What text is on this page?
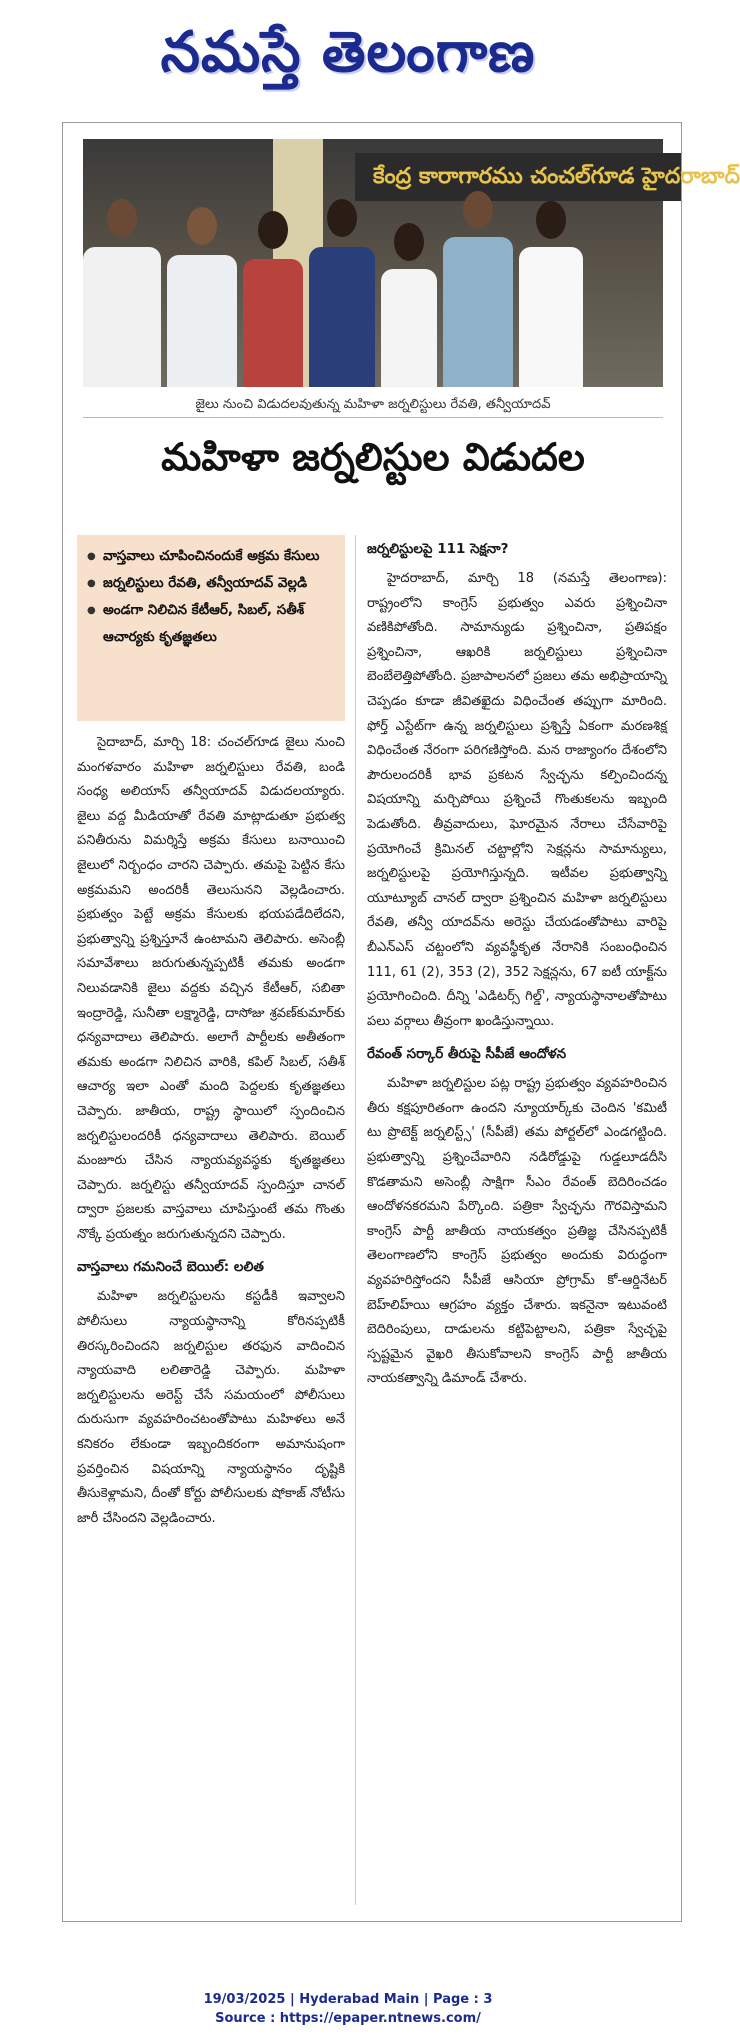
నమస్తే తెలంగాణ
కేంద్ర కారాగారము చంచల్‌గూడ హైదరాబాద్
జైలు నుంచి విడుదలవుతున్న మహిళా జర్నలిస్టులు రేవతి, తన్వీయాదవ్
మహిళా జర్నలిస్టుల విడుదల
● వాస్తవాలు చూపించినందుకే అక్రమ కేసులు
● జర్నలిస్టులు రేవతి, తన్వీయాదవ్ వెల్లడి
● అండగా నిలిచిన కేటీఆర్, సిబల్, సతీశ్ ఆచార్యకు కృతజ్ఞతలు

సైదాబాద్, మార్చి 18: చంచల్‌గూడ జైలు నుంచి మంగళవారం మహిళా జర్నలిస్టులు రేవతి, బండి సంధ్య అలియాస్ తన్వీయాదవ్ విడుదలయ్యారు. జైలు వద్ద మీడియాతో రేవతి మాట్లాడుతూ ప్రభుత్వ పనితీరును విమర్శిస్తే అక్రమ కేసులు బనాయించి జైలులో నిర్బంధం చారని చెప్పారు. తమపై పెట్టిన కేసు అక్రమమని అందరికీ తెలుసునని వెల్లడించారు. ప్రభుత్వం పెట్టే అక్రమ కేసులకు భయపడేదిలేదని, ప్రభుత్వాన్ని ప్రశ్నిస్తూనే ఉంటామని తెలిపారు. అసెంబ్లీ సమావేశాలు జరుగుతున్నప్పటికీ తమకు అండగా నిలువడానికి జైలు వద్దకు వచ్చిన కేటీఆర్, సబితా ఇంద్రారెడ్డి, సునీతా లక్ష్మారెడ్డి, దాసోజు శ్రవణ్‌కుమార్‌కు ధన్యవాదాలు తెలిపారు. అలాగే పార్టీలకు అతీతంగా తమకు అండగా నిలిచిన వారికి, కపిల్ సిబల్, సతీశ్ ఆచార్య ఇలా ఎంతో మంది పెద్దలకు కృతజ్ఞతలు చెప్పారు. జాతీయ, రాష్ట్ర స్థాయిలో స్పందించిన జర్నలిస్టులందరికీ ధన్యవాదాలు తెలిపారు. బెయిల్ మంజూరు చేసిన న్యాయవ్యవస్థకు కృతజ్ఞతలు చెప్పారు. జర్నలిస్టు తన్వీయాదవ్ స్పందిస్తూ చానల్ ద్వారా ప్రజలకు వాస్తవాలు చూపిస్తుంటే తమ గొంతు నొక్కే ప్రయత్నం జరుగుతున్నదని చెప్పారు.

వాస్తవాలు గమనించే బెయిల్: లలిత

మహిళా జర్నలిస్టులను కస్టడీకి ఇవ్వాలని పోలీసులు న్యాయస్థానాన్ని కోరినప్పటికీ తిరస్కరించిందని జర్నలిస్టుల తరఫున వాదించిన న్యాయవాది లలితారెడ్డి చెప్పారు. మహిళా జర్నలిస్టులను అరెస్ట్ చేసే సమయంలో పోలీసులు దురుసుగా వ్యవహరించటంతోపాటు మహిళలు అనే కనికరం లేకుండా ఇబ్బందికరంగా అమానుషంగా ప్రవర్తించిన విషయాన్ని న్యాయస్థానం దృష్టికి తీసుకెళ్లామని, దీంతో కోర్టు పోలీసులకు షోకాజ్ నోటీసు జారీ చేసిందని వెల్లడించారు.

జర్నలిస్టులపై 111 సెక్షనా?

హైదరాబాద్, మార్చి 18 (నమస్తే తెలంగాణ): రాష్ట్రంలోని కాంగ్రెస్ ప్రభుత్వం ఎవరు ప్రశ్నించినా వణికిపోతోంది. సామాన్యుడు ప్రశ్నించినా, ప్రతిపక్షం ప్రశ్నించినా, ఆఖరికి జర్నలిస్టులు ప్రశ్నించినా బెంబేలెత్తిపోతోంది. ప్రజాపాలనలో ప్రజలు తమ అభిప్రాయాన్ని చెప్పడం కూడా జీవితఖైదు విధించేంత తప్పుగా మారింది. ఫోర్త్ ఎస్టేట్‌గా ఉన్న జర్నలిస్టులు ప్రశ్నిస్తే ఏకంగా మరణశిక్ష విధించేంత నేరంగా పరిగణిస్తోంది. మన రాజ్యాంగం దేశంలోని పౌరులందరికీ భావ ప్రకటన స్వేచ్ఛను కల్పించిందన్న విషయాన్ని మర్చిపోయి ప్రశ్నించే గొంతుకలను ఇబ్బంది పెడుతోంది. తీవ్రవాదులు, ఘోరమైన నేరాలు చేసేవారిపై ప్రయోగించే క్రిమినల్ చట్టాల్లోని సెక్షన్లను సామాన్యులు, జర్నలిస్టులపై ప్రయోగిస్తున్నది. ఇటీవల ప్రభుత్వాన్ని యూట్యూబ్ చానల్ ద్వారా ప్రశ్నించిన మహిళా జర్నలిస్టులు రేవతి, తన్వీ యాదవ్‌ను అరెస్టు చేయడంతోపాటు వారిపై బీఎన్‌ఎస్ చట్టంలోని వ్యవస్థీకృత నేరానికి సంబంధించిన 111, 61 (2), 353 (2), 352 సెక్షన్లను, 67 ఐటీ యాక్ట్‌ను ప్రయోగించింది. దీన్ని 'ఎడిటర్స్ గిల్డ్', న్యాయస్థానాలతోపాటు పలు వర్గాలు తీవ్రంగా ఖండిస్తున్నాయి.

రేవంత్ సర్కార్ తీరుపై సీపీజే ఆందోళన

మహిళా జర్నలిస్టుల పట్ల రాష్ట్ర ప్రభుత్వం వ్యవహరించిన తీరు కక్షపూరితంగా ఉందని న్యూయార్క్‌కు చెందిన 'కమిటీ టు ప్రొటెక్ట్ జర్నలిస్ట్స్' (సీపీజే) తమ పోర్టల్‌లో ఎండగట్టింది. ప్రభుత్వాన్ని ప్రశ్నించేవారిని నడిరోడ్డుపై గుడ్డలూడదీసి కొడతామని అసెంబ్లీ సాక్షిగా సీఎం రేవంత్ బెదిరించడం ఆందోళనకరమని పేర్కొంది. పత్రికా స్వేచ్ఛను గౌరవిస్తామని కాంగ్రెస్ పార్టీ జాతీయ నాయకత్వం ప్రతిజ్ఞ చేసినప్పటికీ తెలంగాణలోని కాంగ్రెస్ ప్రభుత్వం అందుకు విరుద్ధంగా వ్యవహరిస్తోందని సీపీజే ఆసియా ప్రోగ్రామ్ కో-ఆర్డినేటర్ బెహ్‌లిహ్‌యి ఆగ్రహం వ్యక్తం చేశారు. ఇకనైనా ఇటువంటి బెదిరింపులు, దాడులను కట్టిపెట్టాలని, పత్రికా స్వేచ్ఛపై స్పష్టమైన వైఖరి తీసుకోవాలని కాంగ్రెస్ పార్టీ జాతీయ నాయకత్వాన్ని డిమాండ్ చేశారు.

19/03/2025 | Hyderabad Main | Page : 3
Source : https://epaper.ntnews.com/
